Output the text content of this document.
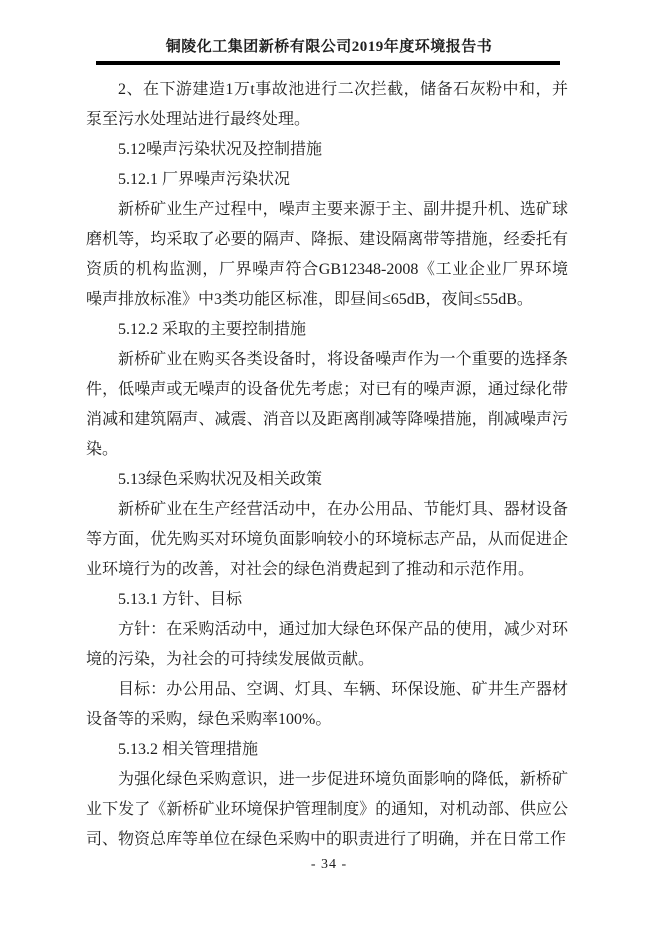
铜陵化工集团新桥有限公司2019年度环境报告书

2、在下游建造1万t事故池进行二次拦截，储备石灰粉中和，并泵至污水处理站进行最终处理。

5.12噪声污染状况及控制措施

5.12.1 厂界噪声污染状况

新桥矿业生产过程中，噪声主要来源于主、副井提升机、选矿球磨机等，均采取了必要的隔声、降振、建设隔离带等措施，经委托有资质的机构监测，厂界噪声符合GB12348-2008《工业企业厂界环境噪声排放标准》中3类功能区标准，即昼间≤65dB，夜间≤55dB。

5.12.2 采取的主要控制措施

新桥矿业在购买各类设备时，将设备噪声作为一个重要的选择条件，低噪声或无噪声的设备优先考虑；对已有的噪声源，通过绿化带消减和建筑隔声、减震、消音以及距离削减等降噪措施，削减噪声污染。

5.13绿色采购状况及相关政策

新桥矿业在生产经营活动中，在办公用品、节能灯具、器材设备等方面，优先购买对环境负面影响较小的环境标志产品，从而促进企业环境行为的改善，对社会的绿色消费起到了推动和示范作用。

5.13.1 方针、目标

方针：在采购活动中，通过加大绿色环保产品的使用，减少对环境的污染，为社会的可持续发展做贡献。

目标：办公用品、空调、灯具、车辆、环保设施、矿井生产器材设备等的采购，绿色采购率100%。

5.13.2 相关管理措施

为强化绿色采购意识，进一步促进环境负面影响的降低，新桥矿业下发了《新桥矿业环境保护管理制度》的通知，对机动部、供应公司、物资总库等单位在绿色采购中的职责进行了明确，并在日常工作

- 34 -
